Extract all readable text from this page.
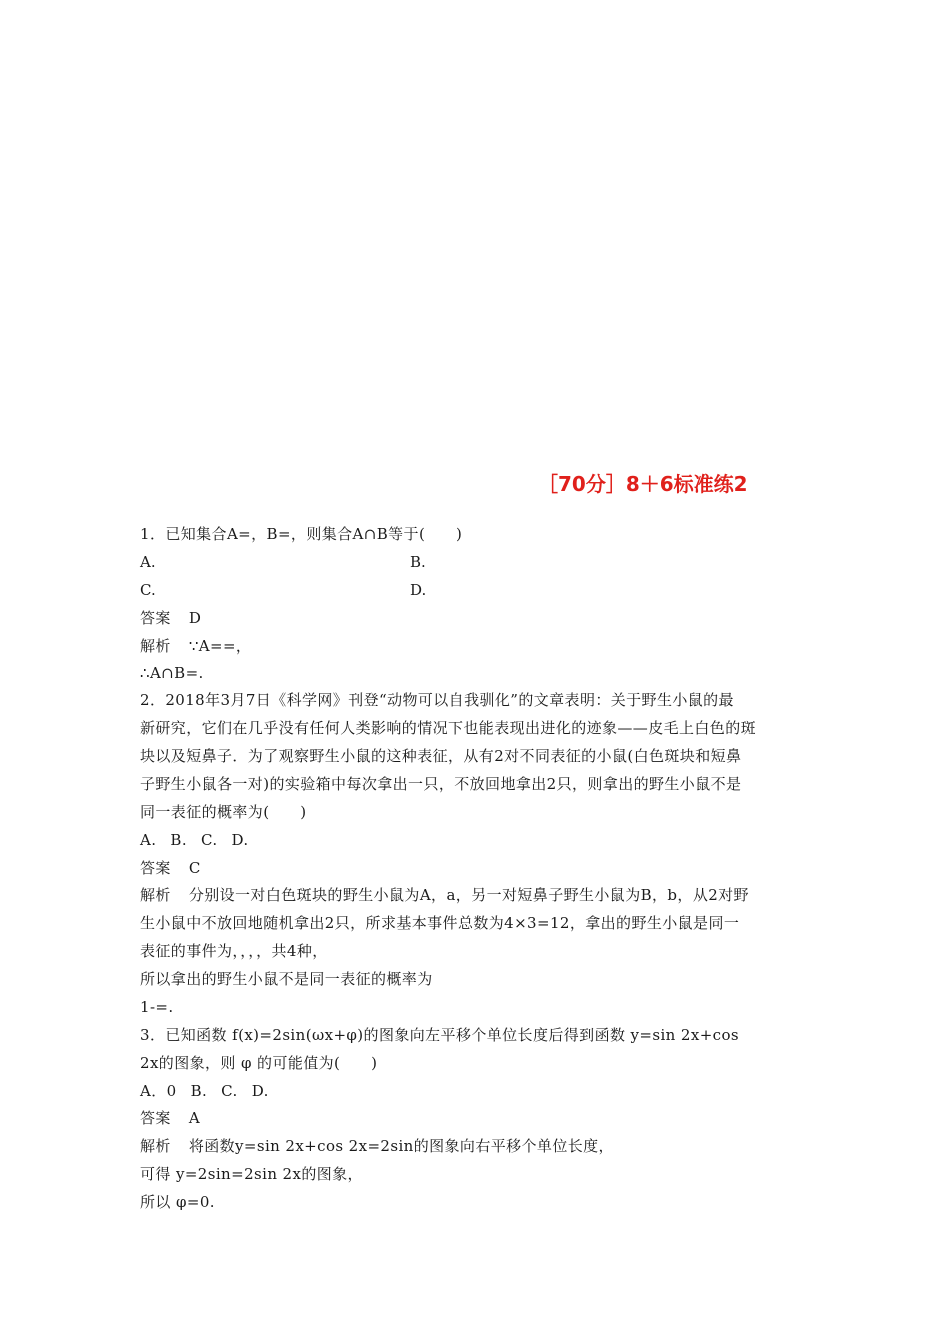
［70分］8＋6标准练2
1．已知集合A=，B=，则集合A∩B等于(　　)
A.	B.
C.	D.
答案 D
解析 ∵A==，
∴A∩B=.
2．2018年3月7日《科学网》刊登“动物可以自我驯化”的文章表明：关于野生小鼠的最
新研究，它们在几乎没有任何人类影响的情况下也能表现出进化的迹象——皮毛上白色的斑
块以及短鼻子．为了观察野生小鼠的这种表征，从有2对不同表征的小鼠(白色斑块和短鼻
子野生小鼠各一对)的实验箱中每次拿出一只，不放回地拿出2只，则拿出的野生小鼠不是
同一表征的概率为(　　)
A. B. C. D.
答案 C
解析 分别设一对白色斑块的野生小鼠为A，a，另一对短鼻子野生小鼠为B，b，从2对野
生小鼠中不放回地随机拿出2只，所求基本事件总数为4×3=12，拿出的野生小鼠是同一
表征的事件为，，，，共4种，
所以拿出的野生小鼠不是同一表征的概率为
1-=.
3．已知函数 f(x)=2sin(ωx+φ)的图象向左平移个单位长度后得到函数 y=sin 2x+cos
2x的图象，则 φ 的可能值为(　　)
A．0 B. C. D.
答案 A
解析 将函数y=sin 2x+cos 2x=2sin的图象向右平移个单位长度，
可得 y=2sin=2sin 2x的图象，
所以 φ=0.
